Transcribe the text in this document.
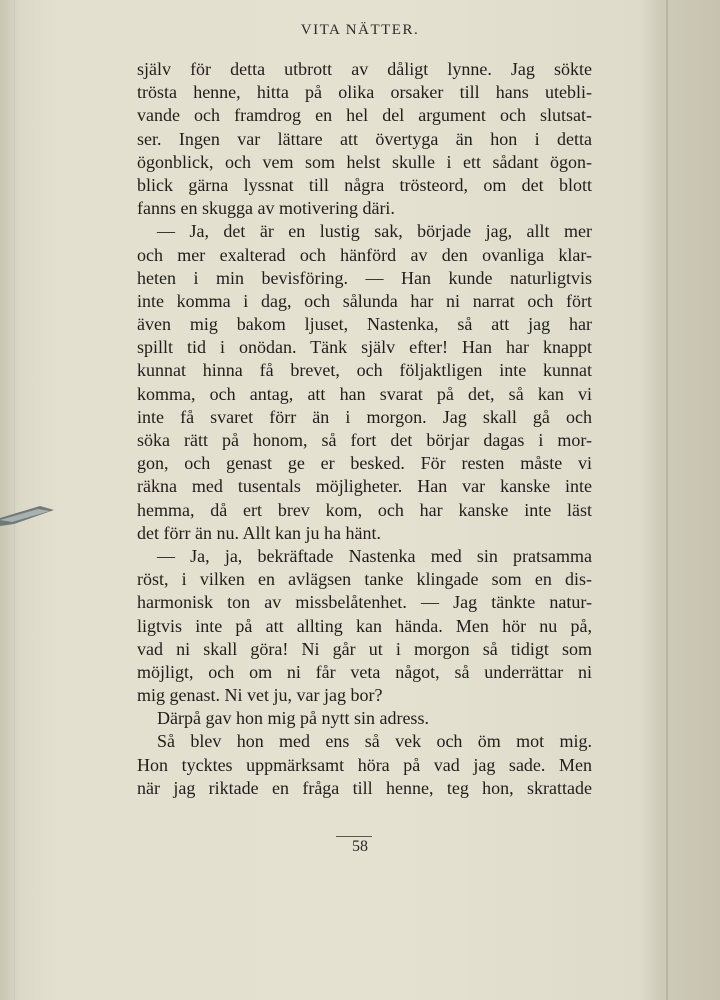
VITA NÄTTER.
själv för detta utbrott av dåligt lynne. Jag sökte
trösta henne, hitta på olika orsaker till hans utebli-
vande och framdrog en hel del argument och slutsat-
ser. Ingen var lättare att övertyga än hon i detta
ögonblick, och vem som helst skulle i ett sådant ögon-
blick gärna lyssnat till några trösteord, om det blott
fanns en skugga av motivering däri.
— Ja, det är en lustig sak, började jag, allt mer
och mer exalterad och hänförd av den ovanliga klar-
heten i min bevisföring. — Han kunde naturligtvis
inte komma i dag, och sålunda har ni narrat och fört
även mig bakom ljuset, Nastenka, så att jag har
spillt tid i onödan. Tänk själv efter! Han har knappt
kunnat hinna få brevet, och följaktligen inte kunnat
komma, och antag, att han svarat på det, så kan vi
inte få svaret förr än i morgon. Jag skall gå och
söka rätt på honom, så fort det börjar dagas i mor-
gon, och genast ge er besked. För resten måste vi
räkna med tusentals möjligheter. Han var kanske inte
hemma, då ert brev kom, och har kanske inte läst
det förr än nu. Allt kan ju ha hänt.
— Ja, ja, bekräftade Nastenka med sin pratsamma
röst, i vilken en avlägsen tanke klingade som en dis-
harmonisk ton av missbelåtenhet. — Jag tänkte natur-
ligtvis inte på att allting kan hända. Men hör nu på,
vad ni skall göra! Ni går ut i morgon så tidigt som
möjligt, och om ni får veta något, så underrättar ni
mig genast. Ni vet ju, var jag bor?
Därpå gav hon mig på nytt sin adress.
Så blev hon med ens så vek och öm mot mig.
Hon tycktes uppmärksamt höra på vad jag sade. Men
när jag riktade en fråga till henne, teg hon, skrattade
58
